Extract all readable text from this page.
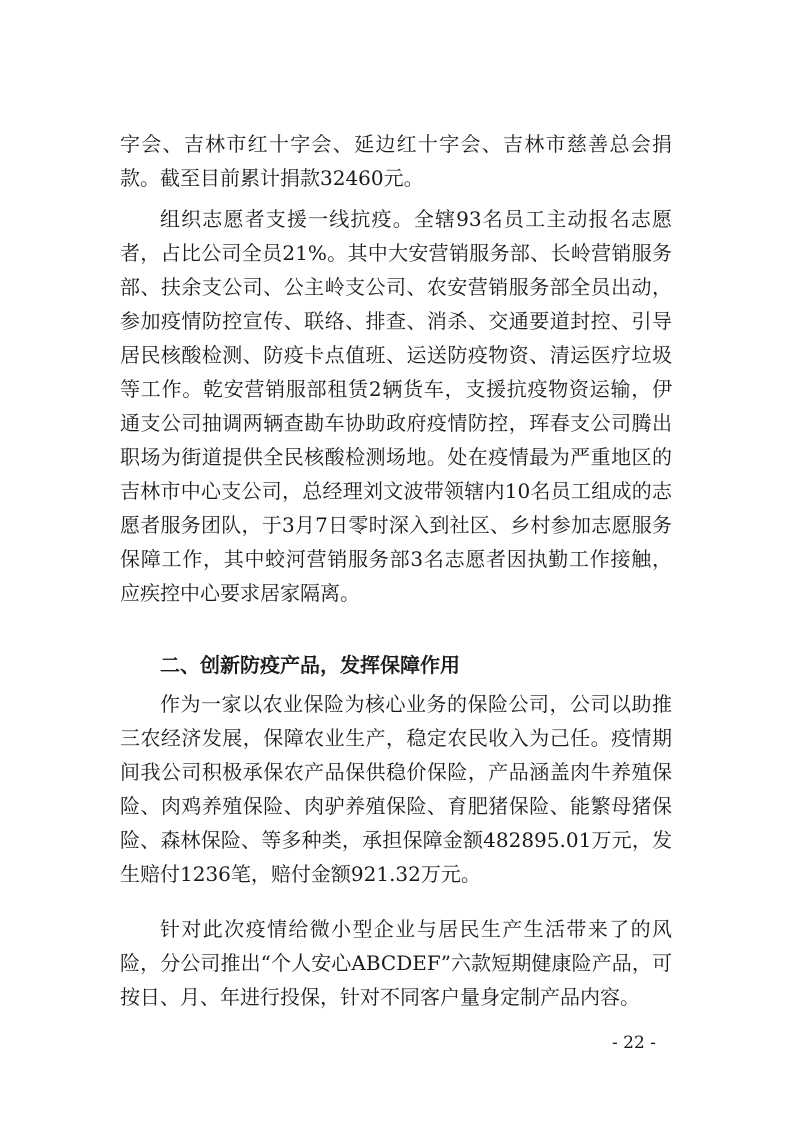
字会、吉林市红十字会、延边红十字会、吉林市慈善总会捐款。截至目前累计捐款32460元。

组织志愿者支援一线抗疫。全辖93名员工主动报名志愿者，占比公司全员21%。其中大安营销服务部、长岭营销服务部、扶余支公司、公主岭支公司、农安营销服务部全员出动，参加疫情防控宣传、联络、排查、消杀、交通要道封控、引导居民核酸检测、防疫卡点值班、运送防疫物资、清运医疗垃圾等工作。乾安营销服部租赁2辆货车，支援抗疫物资运输，伊通支公司抽调两辆查勘车协助政府疫情防控，珲春支公司腾出职场为街道提供全民核酸检测场地。处在疫情最为严重地区的吉林市中心支公司，总经理刘文波带领辖内10名员工组成的志愿者服务团队，于3月7日零时深入到社区、乡村参加志愿服务保障工作，其中蛟河营销服务部3名志愿者因执勤工作接触，应疾控中心要求居家隔离。

二、创新防疫产品，发挥保障作用

作为一家以农业保险为核心业务的保险公司，公司以助推三农经济发展，保障农业生产，稳定农民收入为己任。疫情期间我公司积极承保农产品保供稳价保险，产品涵盖肉牛养殖保险、肉鸡养殖保险、肉驴养殖保险、育肥猪保险、能繁母猪保险、森林保险、等多种类，承担保障金额482895.01万元，发生赔付1236笔，赔付金额921.32万元。

针对此次疫情给微小型企业与居民生产生活带来了的风险，分公司推出“个人安心ABCDEF”六款短期健康险产品，可按日、月、年进行投保，针对不同客户量身定制产品内容。

- 22 -
